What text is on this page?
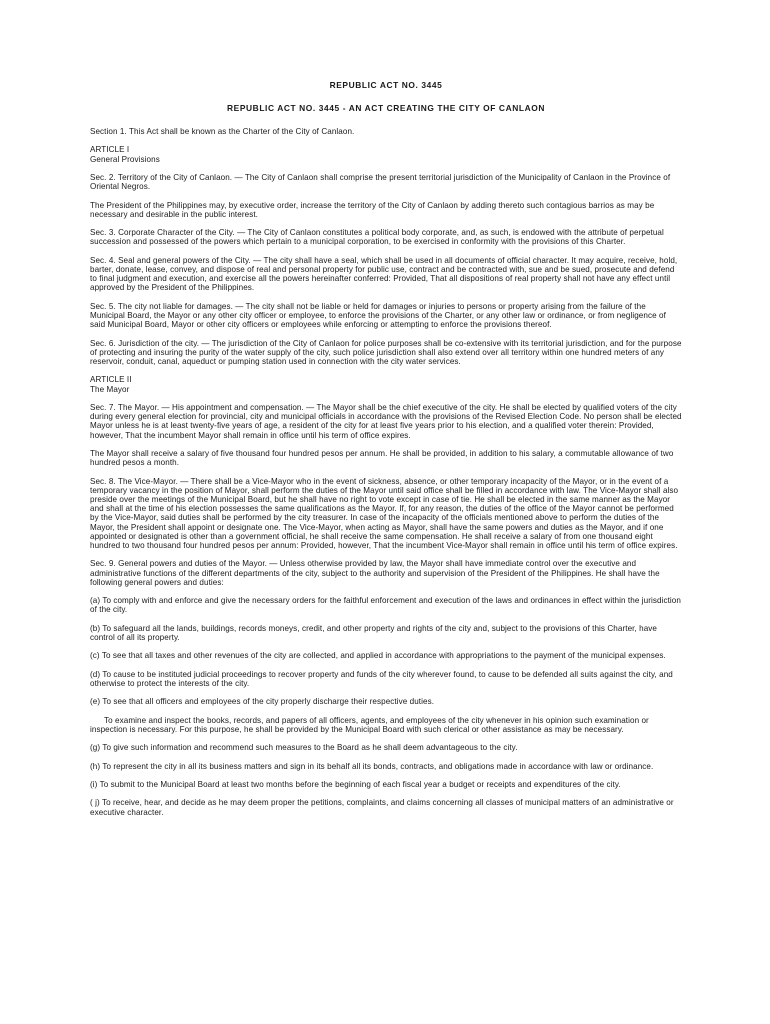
REPUBLIC ACT NO. 3445
REPUBLIC ACT NO. 3445 - AN ACT CREATING THE CITY OF CANLAON

Section 1. This Act shall be known as the Charter of the City of Canlaon.

ARTICLE I
General Provisions

Sec. 2. Territory of the City of Canlaon. — The City of Canlaon shall comprise the present territorial jurisdiction of the Municipality of Canlaon in the Province of Oriental Negros.

The President of the Philippines may, by executive order, increase the territory of the City of Canlaon by adding thereto such contagious barrios as may be necessary and desirable in the public interest.

Sec. 3. Corporate Character of the City. — The City of Canlaon constitutes a political body corporate, and, as such, is endowed with the attribute of perpetual succession and possessed of the powers which pertain to a municipal corporation, to be exercised in conformity with the provisions of this Charter.

Sec. 4. Seal and general powers of the City. — The city shall have a seal, which shall be used in all documents of official character. It may acquire, receive, hold, barter, donate, lease, convey, and dispose of real and personal property for public use, contract and be contracted with, sue and be sued, prosecute and defend to final judgment and execution, and exercise all the powers hereinafter conferred: Provided, That all dispositions of real property shall not have any effect until approved by the President of the Philippines.

Sec. 5. The city not liable for damages. — The city shall not be liable or held for damages or injuries to persons or property arising from the failure of the Municipal Board, the Mayor or any other city officer or employee, to enforce the provisions of the Charter, or any other law or ordinance, or from negligence of said Municipal Board, Mayor or other city officers or employees while enforcing or attempting to enforce the provisions thereof.

Sec. 6. Jurisdiction of the city. — The jurisdiction of the City of Canlaon for police purposes shall be co-extensive with its territorial jurisdiction, and for the purpose of protecting and insuring the purity of the water supply of the city, such police jurisdiction shall also extend over all territory within one hundred meters of any reservoir, conduit, canal, aqueduct or pumping station used in connection with the city water services.

ARTICLE II
The Mayor

Sec. 7. The Mayor. — His appointment and compensation. — The Mayor shall be the chief executive of the city. He shall be elected by qualified voters of the city during every general election for provincial, city and municipal officials in accordance with the provisions of the Revised Election Code. No person shall be elected Mayor unless he is at least twenty-five years of age, a resident of the city for at least five years prior to his election, and a qualified voter therein: Provided, however, That the incumbent Mayor shall remain in office until his term of office expires.

The Mayor shall receive a salary of five thousand four hundred pesos per annum. He shall be provided, in addition to his salary, a commutable allowance of two hundred pesos a month.

Sec. 8. The Vice-Mayor. — There shall be a Vice-Mayor who in the event of sickness, absence, or other temporary incapacity of the Mayor, or in the event of a temporary vacancy in the position of Mayor, shall perform the duties of the Mayor until said office shall be filled in accordance with law. The Vice-Mayor shall also preside over the meetings of the Municipal Board, but he shall have no right to vote except in case of tie. He shall be elected in the same manner as the Mayor and shall at the time of his election possesses the same qualifications as the Mayor. If, for any reason, the duties of the office of the Mayor cannot be performed by the Vice-Mayor, said duties shall be performed by the city treasurer. In case of the incapacity of the officials mentioned above to perform the duties of the Mayor, the President shall appoint or designate one. The Vice-Mayor, when acting as Mayor, shall have the same powers and duties as the Mayor, and if one appointed or designated is other than a government official, he shall receive the same compensation. He shall receive a salary of from one thousand eight hundred to two thousand four hundred pesos per annum: Provided, however, That the incumbent Vice-Mayor shall remain in office until his term of office expires.

Sec. 9. General powers and duties of the Mayor. — Unless otherwise provided by law, the Mayor shall have immediate control over the executive and administrative functions of the different departments of the city, subject to the authority and supervision of the President of the Philippines. He shall have the following general powers and duties:

(a) To comply with and enforce and give the necessary orders for the faithful enforcement and execution of the laws and ordinances in effect within the jurisdiction of the city.

(b) To safeguard all the lands, buildings, records moneys, credit, and other property and rights of the city and, subject to the provisions of this Charter, have control of all its property.

(c) To see that all taxes and other revenues of the city are collected, and applied in accordance with appropriations to the payment of the municipal expenses.

(d) To cause to be instituted judicial proceedings to recover property and funds of the city wherever found, to cause to be defended all suits against the city, and otherwise to protect the interests of the city.

(e) To see that all officers and employees of the city properly discharge their respective duties.

To examine and inspect the books, records, and papers of all officers, agents, and employees of the city whenever in his opinion such examination or inspection is necessary. For this purpose, he shall be provided by the Municipal Board with such clerical or other assistance as may be necessary.

(g) To give such information and recommend such measures to the Board as he shall deem advantageous to the city.

(h) To represent the city in all its business matters and sign in its behalf all its bonds, contracts, and obligations made in accordance with law or ordinance.

(i) To submit to the Municipal Board at least two months before the beginning of each fiscal year a budget or receipts and expenditures of the city.

( j) To receive, hear, and decide as he may deem proper the petitions, complaints, and claims concerning all classes of municipal matters of an administrative or executive character.
